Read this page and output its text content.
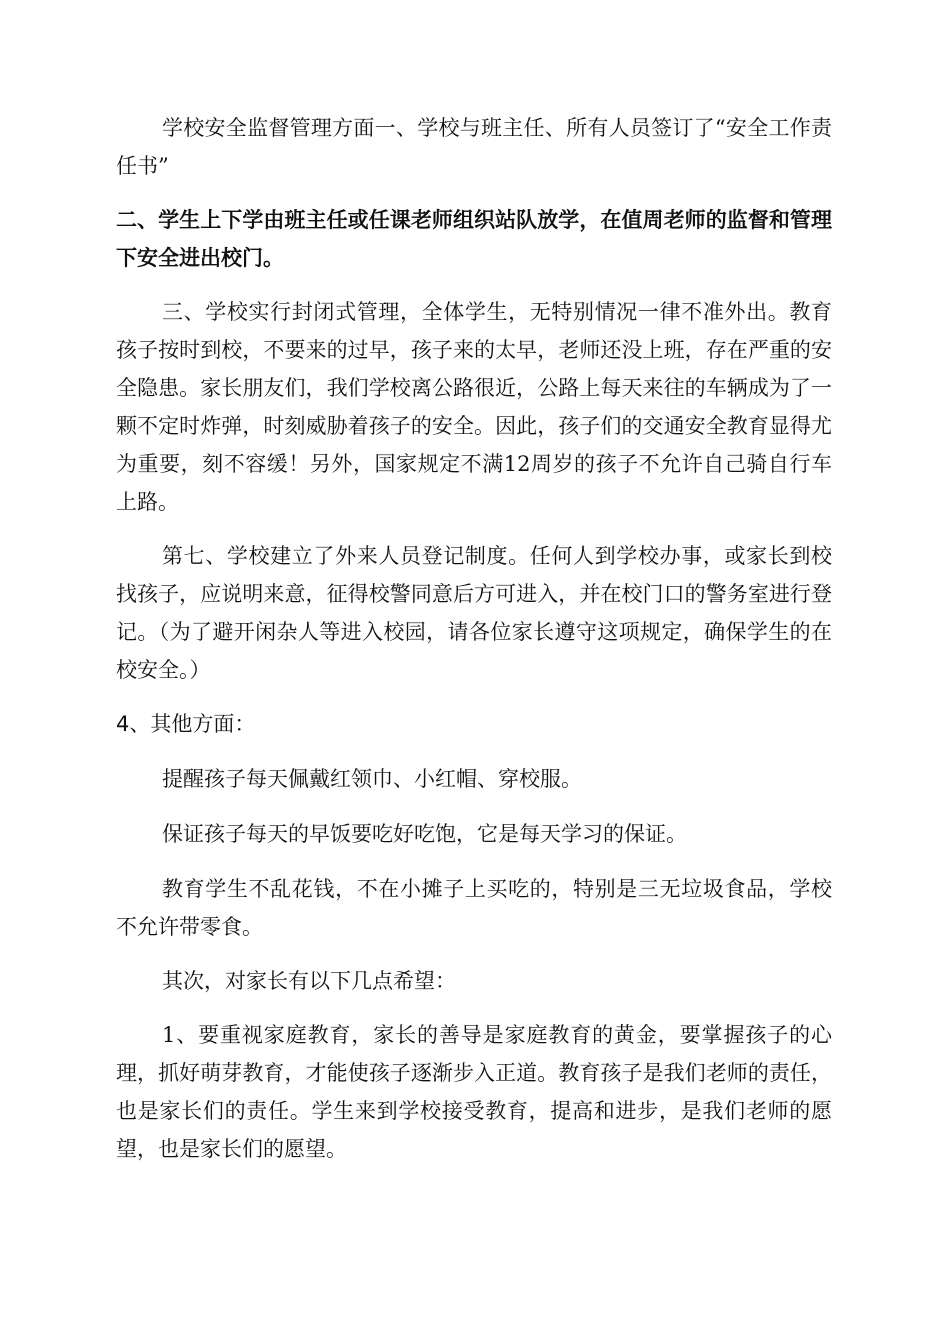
学校安全监督管理方面一、学校与班主任、所有人员签订了“安全工作责任书”

二、学生上下学由班主任或任课老师组织站队放学，在值周老师的监督和管理下安全进出校门。

三、学校实行封闭式管理，全体学生，无特别情况一律不准外出。教育孩子按时到校，不要来的过早，孩子来的太早，老师还没上班，存在严重的安全隐患。家长朋友们，我们学校离公路很近，公路上每天来往的车辆成为了一颗不定时炸弹，时刻威胁着孩子的安全。因此，孩子们的交通安全教育显得尤为重要，刻不容缓！另外，国家规定不满12周岁的孩子不允许自己骑自行车上路。

第七、学校建立了外来人员登记制度。任何人到学校办事，或家长到校找孩子，应说明来意，征得校警同意后方可进入，并在校门口的警务室进行登记。（为了避开闲杂人等进入校园，请各位家长遵守这项规定，确保学生的在校安全。）

4、其他方面：

提醒孩子每天佩戴红领巾、小红帽、穿校服。

保证孩子每天的早饭要吃好吃饱，它是每天学习的保证。

教育学生不乱花钱，不在小摊子上买吃的，特别是三无垃圾食品，学校不允许带零食。

其次，对家长有以下几点希望：

1、要重视家庭教育，家长的善导是家庭教育的黄金，要掌握孩子的心理，抓好萌芽教育，才能使孩子逐渐步入正道。教育孩子是我们老师的责任，也是家长们的责任。学生来到学校接受教育，提高和进步，是我们老师的愿望，也是家长们的愿望。
